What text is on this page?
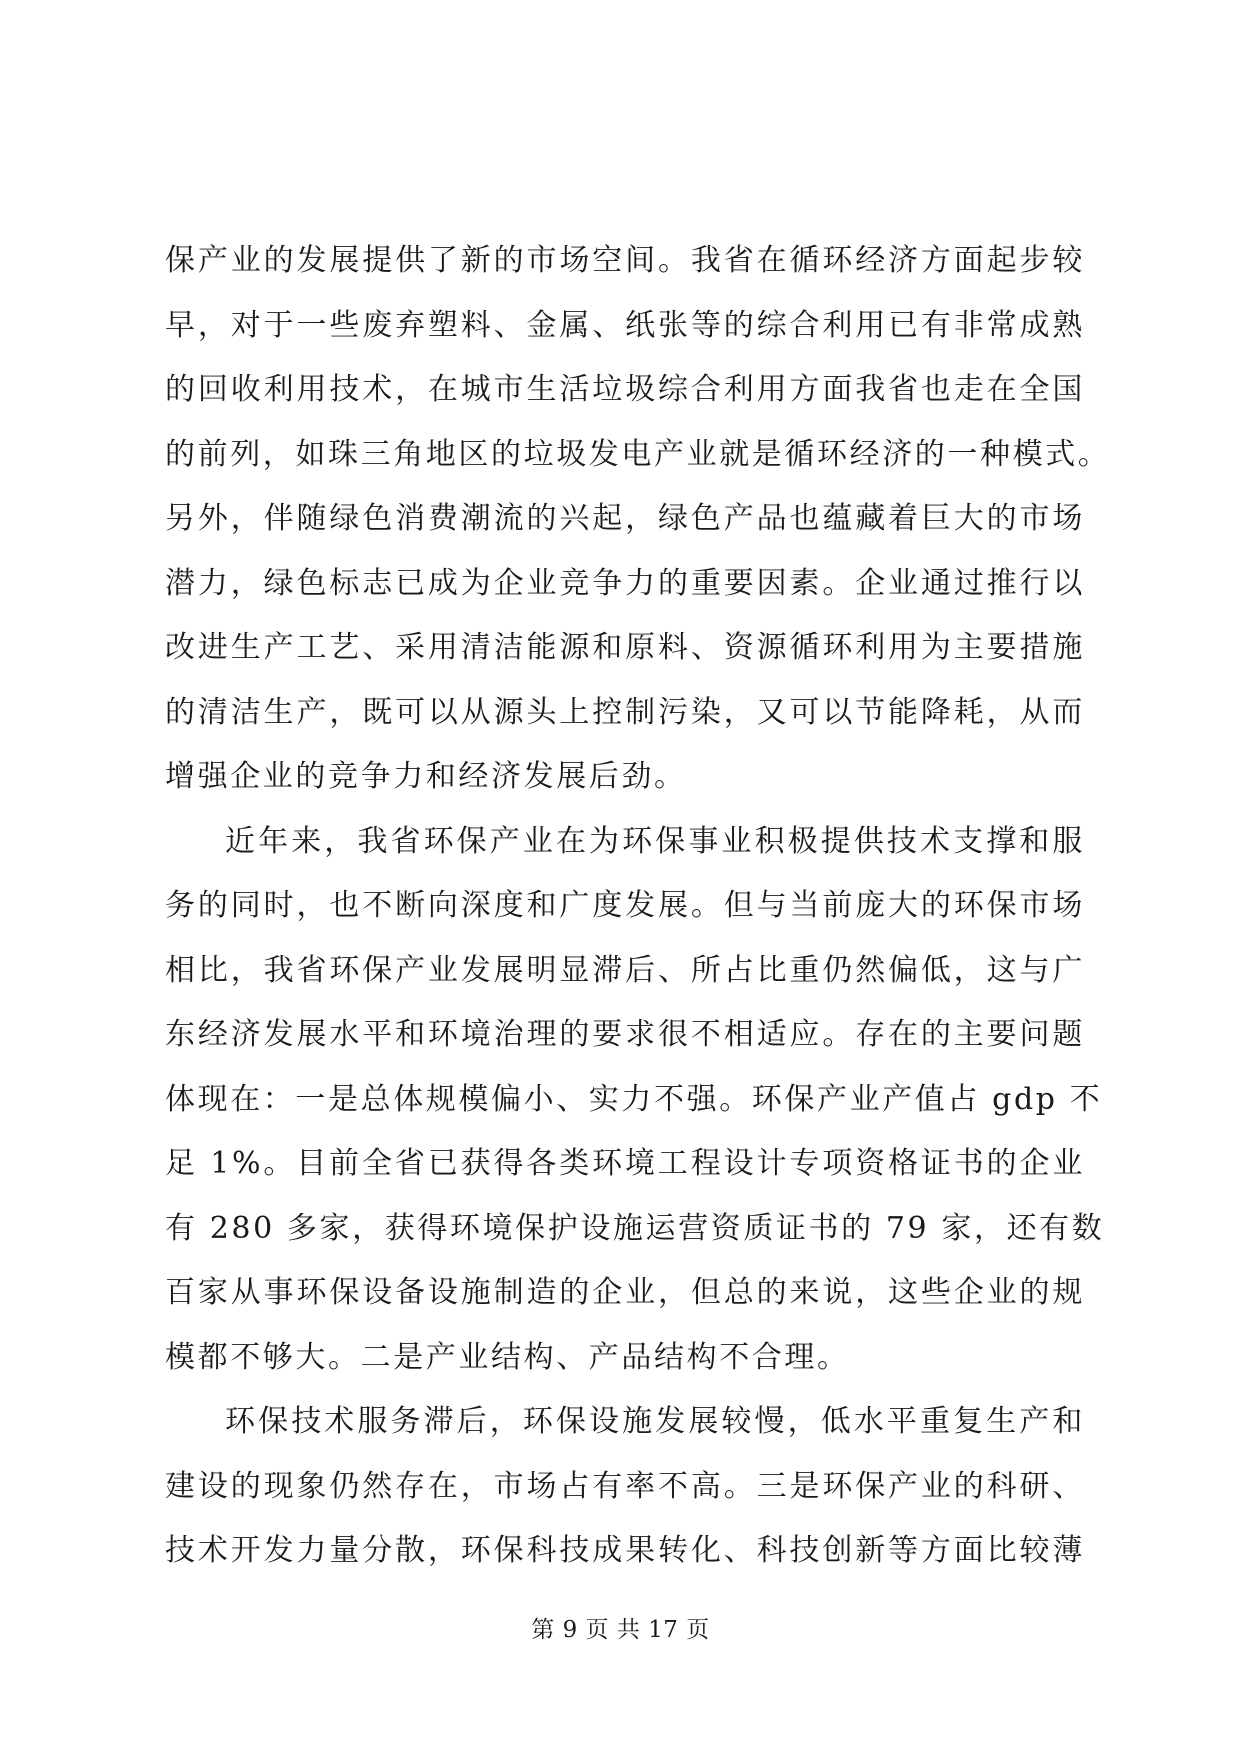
保产业的发展提供了新的市场空间。我省在循环经济方面起步较
早，对于一些废弃塑料、金属、纸张等的综合利用已有非常成熟
的回收利用技术，在城市生活垃圾综合利用方面我省也走在全国
的前列，如珠三角地区的垃圾发电产业就是循环经济的一种模式。
另外，伴随绿色消费潮流的兴起，绿色产品也蕴藏着巨大的市场
潜力，绿色标志已成为企业竞争力的重要因素。企业通过推行以
改进生产工艺、采用清洁能源和原料、资源循环利用为主要措施
的清洁生产，既可以从源头上控制污染，又可以节能降耗，从而
增强企业的竞争力和经济发展后劲。
近年来，我省环保产业在为环保事业积极提供技术支撑和服
务的同时，也不断向深度和广度发展。但与当前庞大的环保市场
相比，我省环保产业发展明显滞后、所占比重仍然偏低，这与广
东经济发展水平和环境治理的要求很不相适应。存在的主要问题
体现在：一是总体规模偏小、实力不强。环保产业产值占 gdp 不
足 1%。目前全省已获得各类环境工程设计专项资格证书的企业
有 280 多家，获得环境保护设施运营资质证书的 79 家，还有数
百家从事环保设备设施制造的企业，但总的来说，这些企业的规
模都不够大。二是产业结构、产品结构不合理。
环保技术服务滞后，环保设施发展较慢，低水平重复生产和
建设的现象仍然存在，市场占有率不高。三是环保产业的科研、
技术开发力量分散，环保科技成果转化、科技创新等方面比较薄
第 9 页 共 17 页
